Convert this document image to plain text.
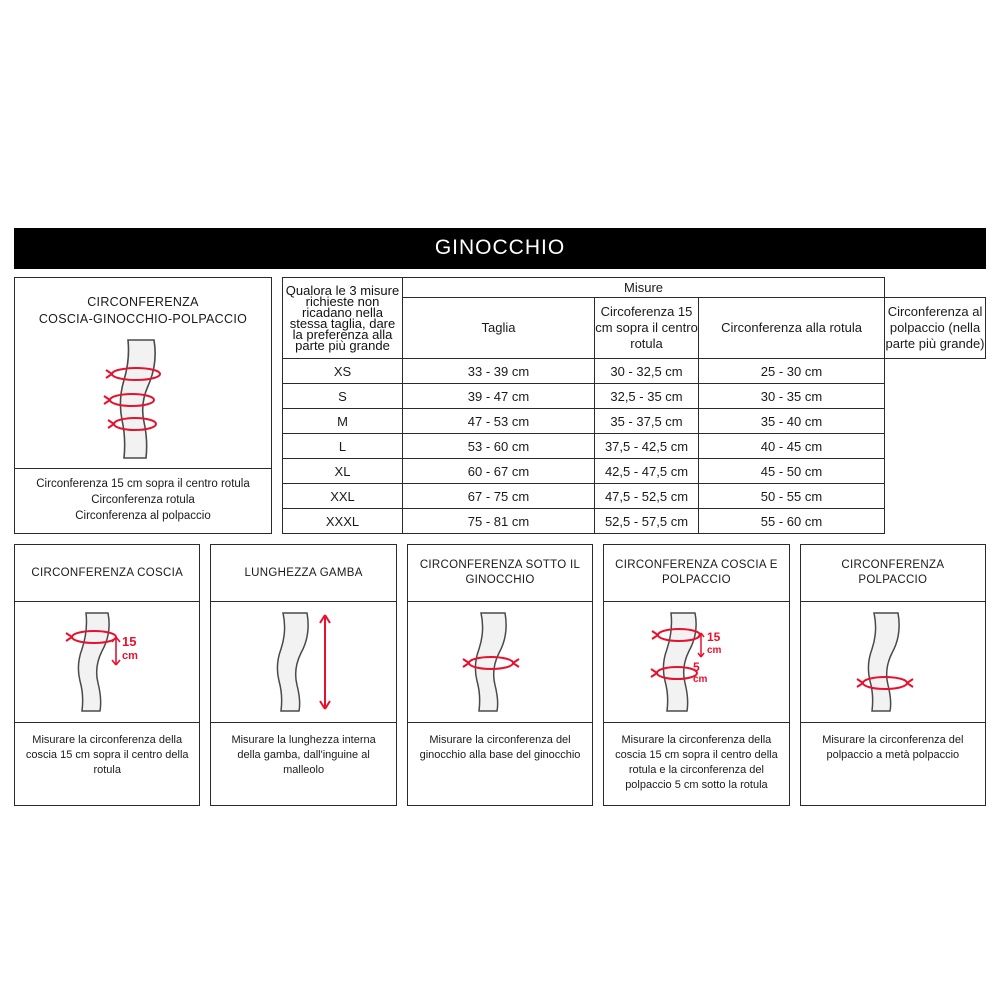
GINOCCHIO
CIRCONFERENZA
COSCIA-GINOCCHIO-POLPACCIO
Circonferenza 15 cm sopra il centro rotula
Circonferenza rotula
Circonferenza al polpaccio
Qualora le 3 misure richieste non ricadano nella stessa taglia, dare la preferenza alla parte più grande	Misure			
	Taglia	Circoferenza 15 cm sopra il centro rotula	Circonferenza alla rotula	Circonferenza al polpaccio (nella parte più grande)
XS	33 - 39 cm	30 - 32,5 cm	25 - 30 cm	
S	39 - 47 cm	32,5 - 35 cm	30 - 35 cm	
M	47 - 53 cm	35 - 37,5 cm	35 - 40 cm	
L	53 - 60 cm	37,5 - 42,5 cm	40 - 45 cm	
XL	60 - 67 cm	42,5 - 47,5 cm	45 - 50 cm	
XXL	67 - 75 cm	47,5 - 52,5 cm	50 - 55 cm	
XXXL	75 - 81 cm	52,5 - 57,5 cm	55 - 60 cm	
CIRCONFERENZA COSCIA
15
cm
Misurare la circonferenza della coscia 15 cm sopra il centro della rotula
LUNGHEZZA GAMBA
Misurare la lunghezza interna della gamba, dall'inguine al malleolo
CIRCONFERENZA SOTTO IL GINOCCHIO
Misurare la circonferenza del ginocchio alla base del ginocchio
CIRCONFERENZA COSCIA E POLPACCIO
15
cm
5
cm
Misurare la circonferenza della coscia 15 cm sopra il centro della rotula e la circonferenza del polpaccio 5 cm sotto la rotula
CIRCONFERENZA POLPACCIO
Misurare la circonferenza del polpaccio a metà polpaccio
